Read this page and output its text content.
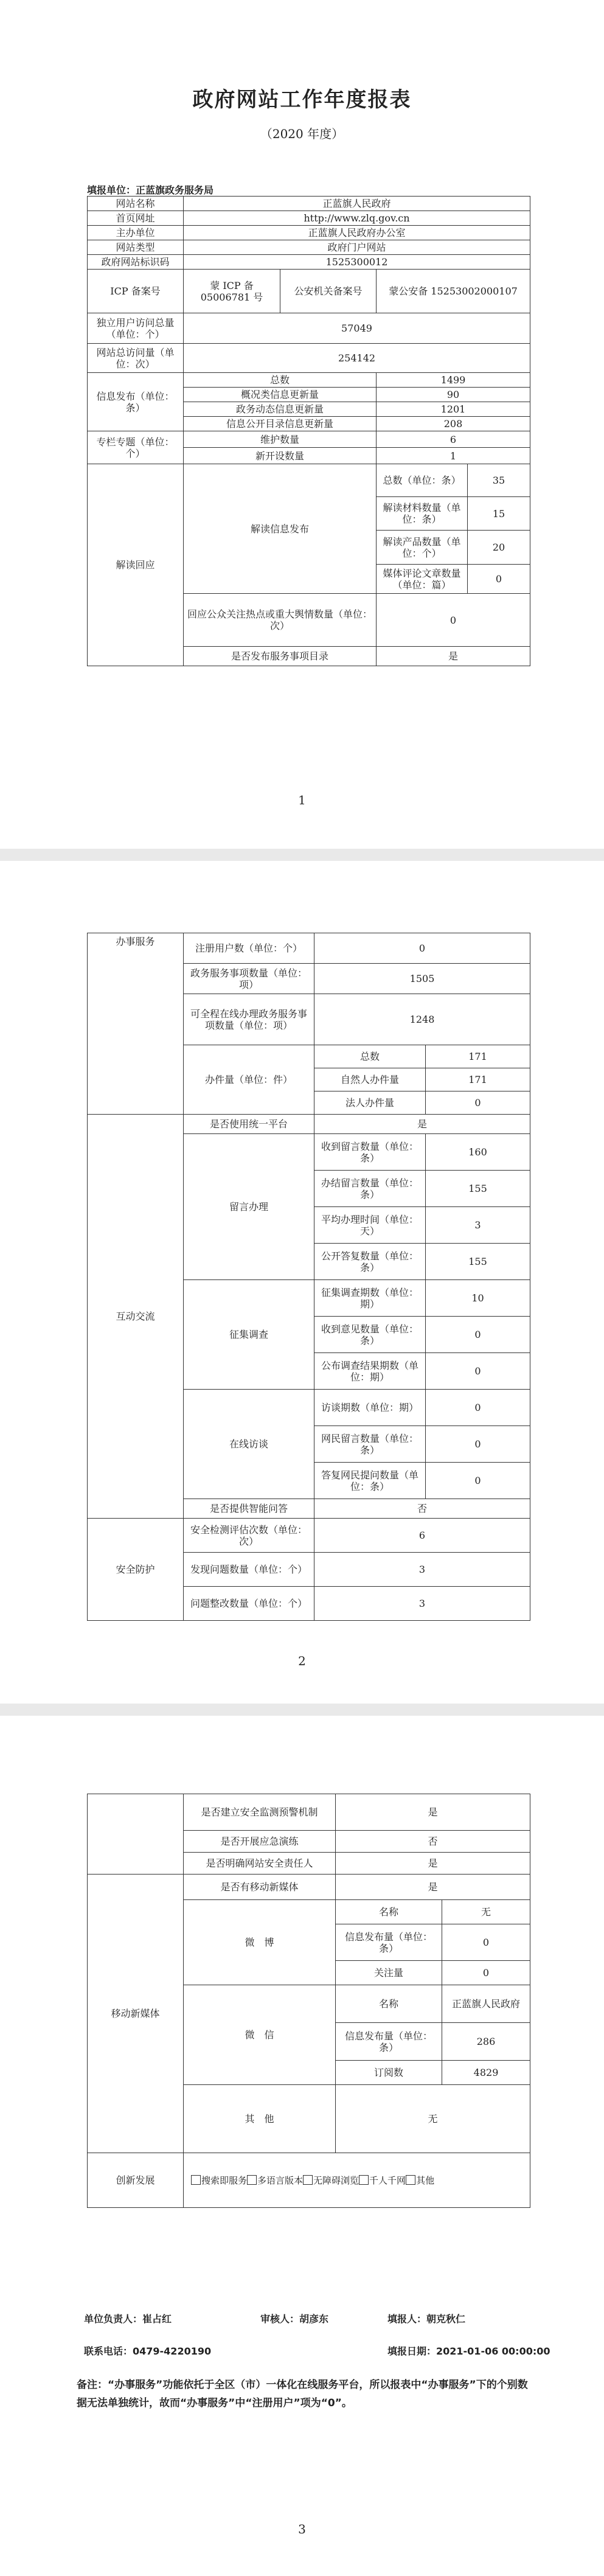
政府网站工作年度报表
（2020 年度）
填报单位：正蓝旗政务服务局
网站名称	正蓝旗人民政府			
首页网址	http://www.zlq.gov.cn			
主办单位	正蓝旗人民政府办公室			
网站类型	政府门户网站			
政府网站标识码	1525300012			
ICP 备案号	蒙 ICP 备 05006781 号	公安机关备案号	蒙公安备 15253002000107	
独立用户访问总量（单位：个）	57049			
网站总访问量（单位：次）	254142			
信息发布（单位：条）	总数		1499	
	概况类信息更新量		90	
	政务动态信息更新量		1201	
	信息公开目录信息更新量		208	
专栏专题（单位：个）	维护数量		6	
	新开设数量		1	
解读回应	解读信息发布		总数（单位：条）	35
			解读材料数量（单位：条）	15
			解读产品数量（单位：个）	20
			媒体评论文章数量（单位：篇）	0
	回应公众关注热点或重大舆情数量（单位：次）		0	
	是否发布服务事项目录		是	
1
办事服务	注册用户数（单位：个）	0	
	政务服务事项数量（单位：项）	1505	
	可全程在线办理政务服务事项数量（单位：项）	1248	
	办件量（单位：件）	总数	171
		自然人办件量	171
		法人办件量	0
互动交流	是否使用统一平台	是	
	留言办理	收到留言数量（单位：条）	160
		办结留言数量（单位：条）	155
		平均办理时间（单位：天）	3
		公开答复数量（单位：条）	155
	征集调查	征集调查期数（单位：期）	10
		收到意见数量（单位：条）	0
		公布调查结果期数（单位：期）	0
	在线访谈	访谈期数（单位：期）	0
		网民留言数量（单位：条）	0
		答复网民提问数量（单位：条）	0
	是否提供智能问答	否	
安全防护	安全检测评估次数（单位：次）	6	
	发现问题数量（单位：个）	3	
	问题整改数量（单位：个）	3	
2
	是否建立安全监测预警机制	是	
	是否开展应急演练	否	
	是否明确网站安全责任人	是	
移动新媒体	是否有移动新媒体	是	
	微　博	名称	无
		信息发布量（单位：条）	0
		关注量	0
	微　信	名称	正蓝旗人民政府
		信息发布量（单位：条）	286
		订阅数	4829
	其　他	无	
创新发展	搜索即服务 多语言版本 无障碍浏览 千人千网 其他		
单位负责人：崔占红	审核人：胡彦东	填报人：朝克秋仁
联系电话：0479-4220190	填报日期：2021-01-06 00:00:00
备注：“办事服务”功能依托于全区（市）一体化在线服务平台，所以报表中“办事服务”下的个别数据无法单独统计，故而“办事服务”中“注册用户”项为“0”。
3
